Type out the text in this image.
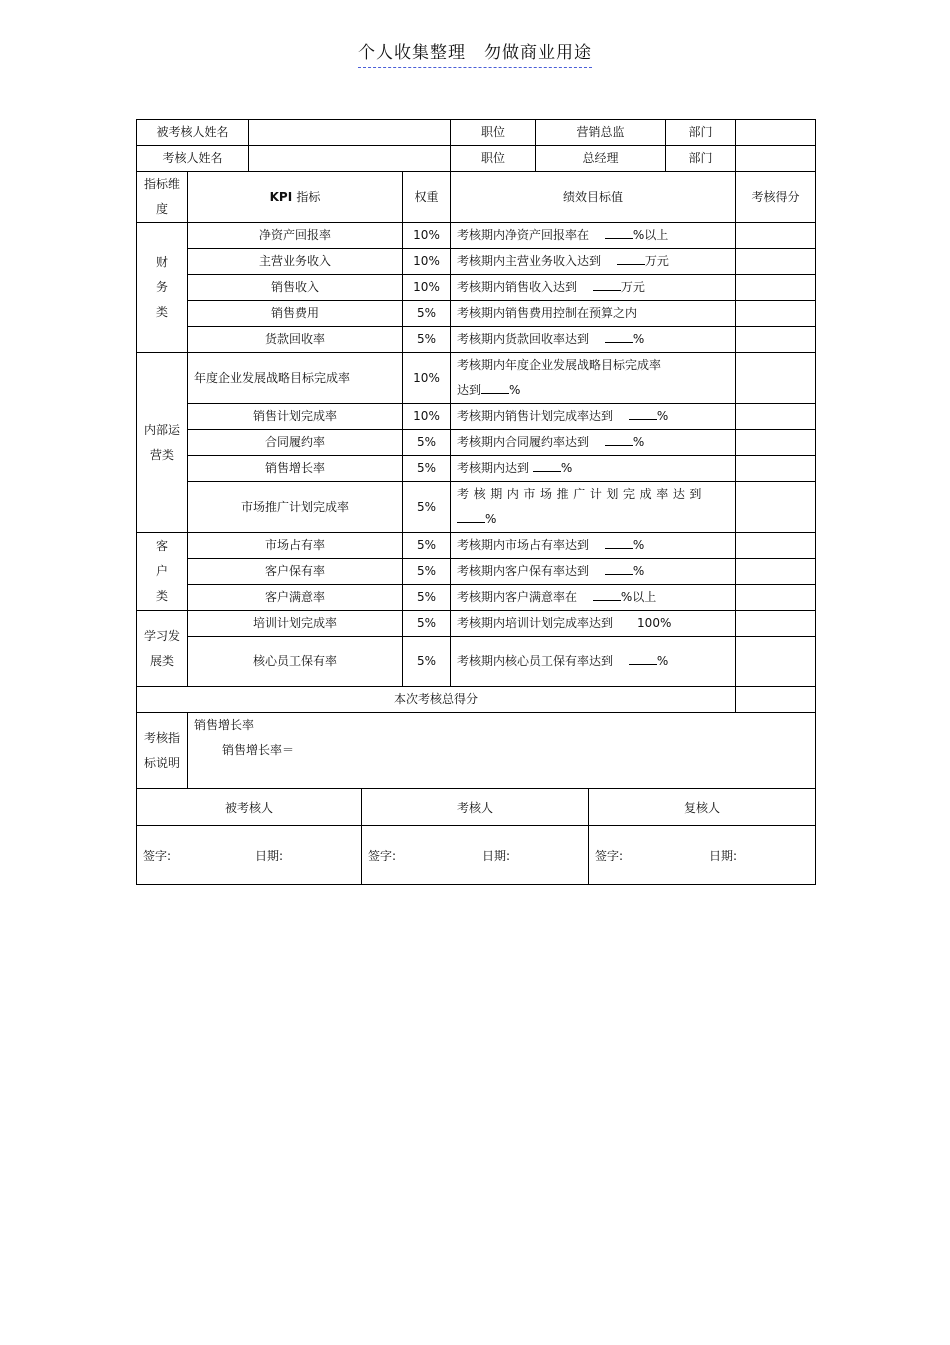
个人收集整理　勿做商业用途
被考核人姓名				职位	营销总监	部门	
考核人姓名				职位	总经理	部门	
指标维度	KPI 指标		权重	绩效目标值			考核得分
财务类	净资产回报率		10%	考核期内净资产回报率在　 %以上			
	主营业务收入		10%	考核期内主营业务收入达到　 万元			
	销售收入		10%	考核期内销售收入达到　 万元			
	销售费用		5%	考核期内销售费用控制在预算之内			
	货款回收率		5%	考核期内货款回收率达到　 %			
内部运营类	年度企业发展战略目标完成率		10%	考核期内年度企业发展战略目标完成率
达到 %			
	销售计划完成率		10%	考核期内销售计划完成率达到　 %			
	合同履约率		5%	考核期内合同履约率达到　 %			
	销售增长率		5%	考核期内达到 %			
	市场推广计划完成率		5%	考核期内市场推广计划完成率达到
%			
客户类	市场占有率		5%	考核期内市场占有率达到　 %			
	客户保有率		5%	考核期内客户保有率达到　 %			
	客户满意率		5%	考核期内客户满意率在　 %以上			
学习发展类	培训计划完成率		5%	考核期内培训计划完成率达到　　 100%			
	核心员工保有率		5%	考核期内核心员工保有率达到　 %			
本次考核总得分							
考核指标说明	销售增长率
销售增长率＝						
被考核人	考核人	复核人

签字: 日期:	签字: 日期:	签字: 日期:
